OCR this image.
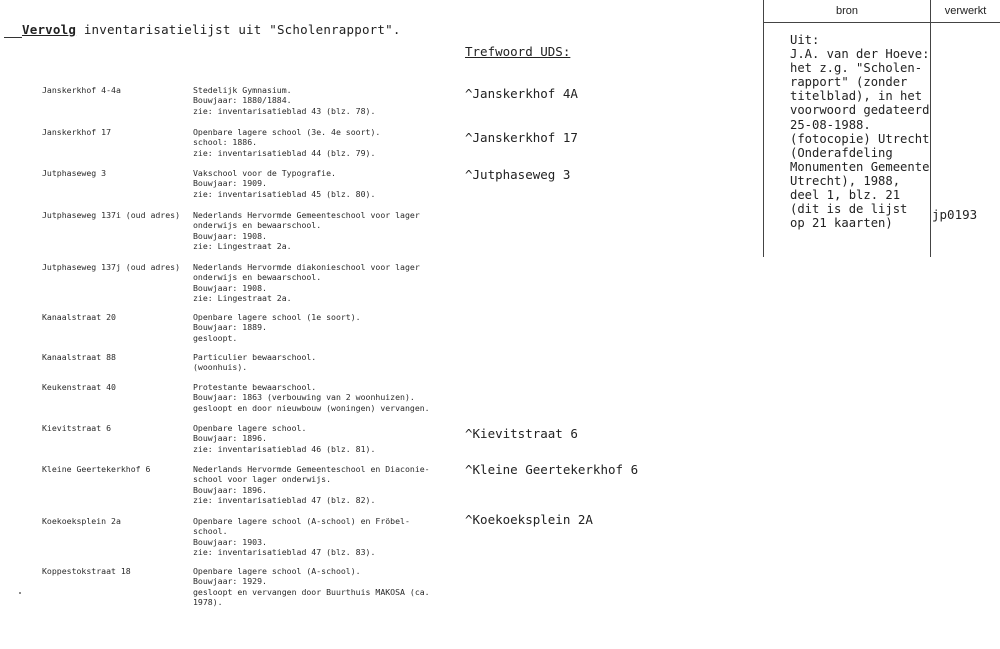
Vervolg inventarisatielijst uit "Scholenrapport".
Trefwoord UDS:
Janskerkhof 4-4a	Stedelijk Gymnasium.
Bouwjaar: 1880/1884.
zie: inventarisatieblad 43 (blz. 78).
^Janskerkhof 4A
Janskerkhof 17	Openbare lagere school (3e. 4e soort).
school: 1886.
zie: inventarisatieblad 44 (blz. 79).
^Janskerkhof 17
Jutphaseweg 3	Vakschool voor de Typografie.
Bouwjaar: 1909.
zie: inventarisatieblad 45 (blz. 80).
^Jutphaseweg 3
Jutphaseweg 137i (oud adres)	Nederlands Hervormde Gemeenteschool voor lager
onderwijs en bewaarschool.
Bouwjaar: 1908.
zie: Lingestraat 2a.
Jutphaseweg 137j (oud adres)	Nederlands Hervormde diakonieschool voor lager
onderwijs en bewaarschool.
Bouwjaar: 1908.
zie: Lingestraat 2a.
Kanaalstraat 20	Openbare lagere school (1e soort).
Bouwjaar: 1889.
gesloopt.
Kanaalstraat 88	Particulier bewaarschool.
(woonhuis).
Keukenstraat 40	Protestante bewaarschool.
Bouwjaar: 1863 (verbouwing van 2 woonhuizen).
gesloopt en door nieuwbouw (woningen) vervangen.
Kievitstraat 6	Openbare lagere school.
Bouwjaar: 1896.
zie: inventarisatieblad 46 (blz. 81).
^Kievitstraat 6
Kleine Geertekerkhof 6	Nederlands Hervormde Gemeenteschool en Diaconie-
school voor lager onderwijs.
Bouwjaar: 1896.
zie: inventarisatieblad 47 (blz. 82).
^Kleine Geertekerkhof 6
Koekoeksplein 2a	Openbare lagere school (A-school) en Fröbel-
school.
Bouwjaar: 1903.
zie: inventarisatieblad 47 (blz. 83).
^Koekoeksplein 2A
Koppestokstraat 18	Openbare lagere school (A-school).
Bouwjaar: 1929.
gesloopt en vervangen door Buurthuis MAKOSA (ca.
1978).
bron	verwerkt
Uit:
J.A. van der Hoeve:
het z.g. "Scholen-
rapport" (zonder
titelblad), in het
voorwoord gedateerd
25-08-1988.
(fotocopie) Utrecht
(Onderafdeling
Monumenten Gemeente
Utrecht), 1988,
deel 1, blz. 21
(dit is de lijst
op 21 kaarten)
jp0193
